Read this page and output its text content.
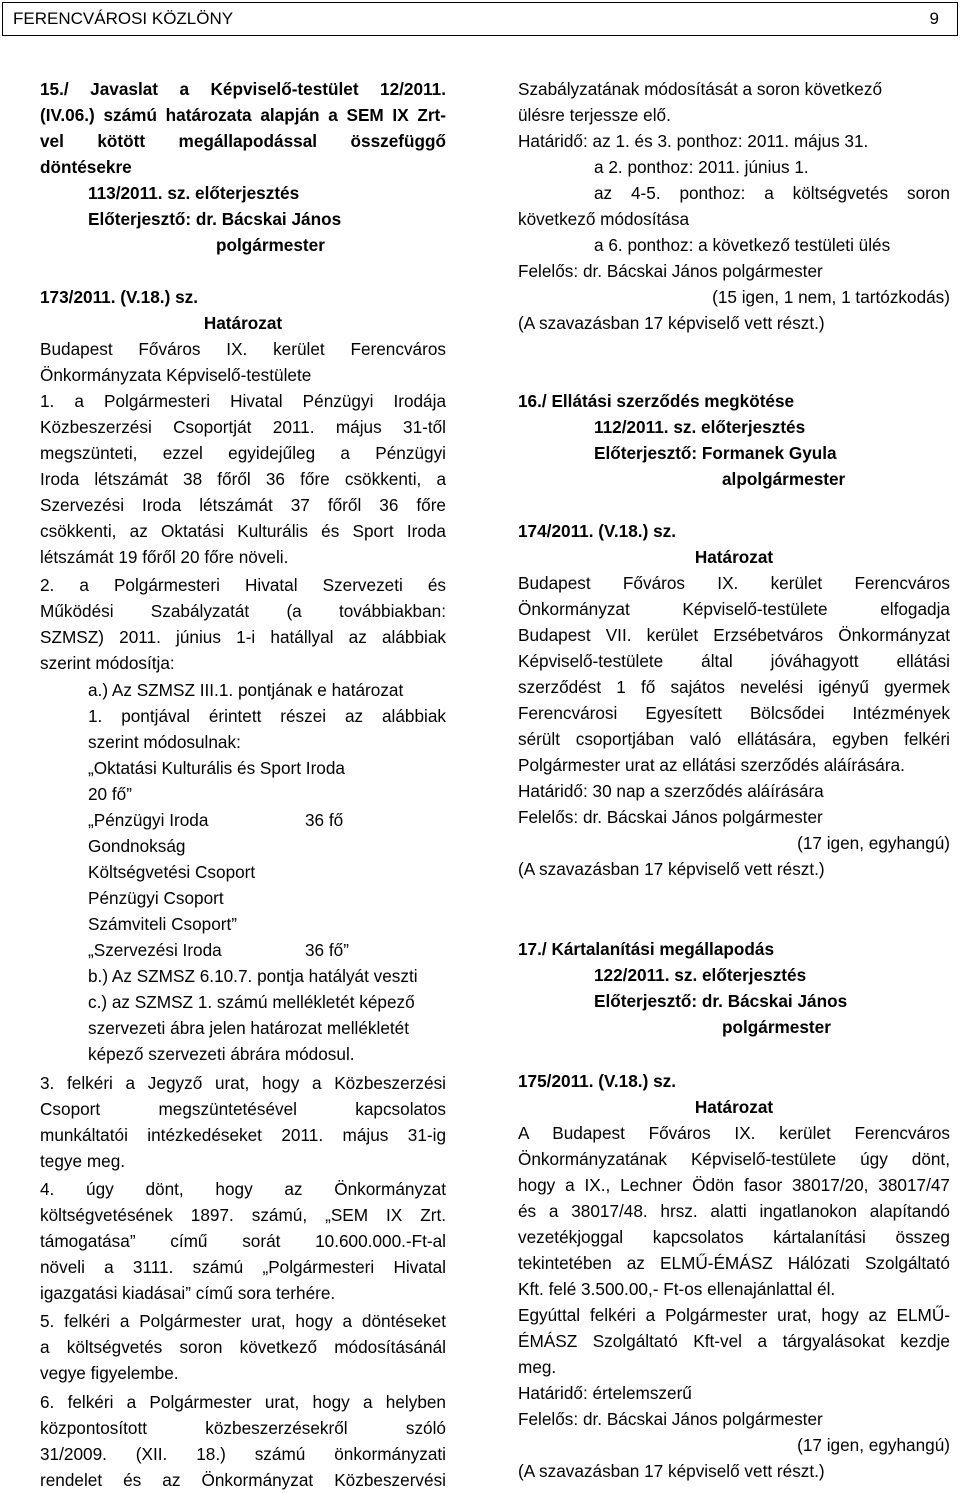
FERENCVÁROSI KÖZLÖNY	9
15./ Javaslat a Képviselő-testület 12/2011.
(IV.06.) számú határozata alapján a SEM IX Zrt-
vel kötött megállapodással összefüggő
döntésekre
113/2011. sz. előterjesztés
Előterjesztő: dr. Bácskai János
polgármester
173/2011. (V.18.) sz.
Határozat
Budapest Főváros IX. kerület Ferencváros
Önkormányzata Képviselő-testülete
1. a Polgármesteri Hivatal Pénzügyi Irodája
Közbeszerzési Csoportját 2011. május 31-től
megszünteti, ezzel egyidejűleg a Pénzügyi
Iroda létszámát 38 főről 36 főre csökkenti, a
Szervezési Iroda létszámát 37 főről 36 főre
csökkenti, az Oktatási Kulturális és Sport Iroda
létszámát 19 főről 20 főre növeli.
2. a Polgármesteri Hivatal Szervezeti és
Működési Szabályzatát (a továbbiakban:
SZMSZ) 2011. június 1-i hatállyal az alábbiak
szerint módosítja:
a.) Az SZMSZ III.1. pontjának e határozat
1. pontjával érintett részei az alábbiak
szerint módosulnak:
„Oktatási Kulturális és Sport Iroda
20 fő”
„Pénzügyi Iroda	36 fő
Gondnokság
Költségvetési Csoport
Pénzügyi Csoport
Számviteli Csoport”
„Szervezési Iroda	36 fő”
b.) Az SZMSZ 6.10.7. pontja hatályát veszti
c.) az SZMSZ 1. számú mellékletét képező
szervezeti ábra jelen határozat mellékletét
képező szervezeti ábrára módosul.
3. felkéri a Jegyző urat, hogy a Közbeszerzési
Csoport megszüntetésével kapcsolatos
munkáltatói intézkedéseket 2011. május 31-ig
tegye meg.
4. úgy dönt, hogy az Önkormányzat
költségvetésének 1897. számú, „SEM IX Zrt.
támogatása” című sorát 10.600.000.-Ft-al
növeli a 3111. számú „Polgármesteri Hivatal
igazgatási kiadásai” című sora terhére.
5. felkéri a Polgármester urat, hogy a döntéseket
a költségvetés soron következő módosításánál
vegye figyelembe.
6. felkéri a Polgármester urat, hogy a helyben
központosított közbeszerzésekről szóló
31/2009. (XII. 18.) számú önkormányzati
rendelet és az Önkormányzat Közbeszervési
Szabályzatának módosítását a soron következő
ülésre terjessze elő.
Határidő: az 1. és 3. ponthoz: 2011. május 31.
a 2. ponthoz: 2011. június 1.
az 4-5. ponthoz: a költségvetés soron
következő módosítása
a 6. ponthoz: a következő testületi ülés
Felelős: dr. Bácskai János polgármester
(15 igen, 1 nem, 1 tartózkodás)
(A szavazásban 17 képviselő vett részt.)
16./ Ellátási szerződés megkötése
112/2011. sz. előterjesztés
Előterjesztő: Formanek Gyula
alpolgármester
174/2011. (V.18.) sz.
Határozat
Budapest Főváros IX. kerület Ferencváros
Önkormányzat Képviselő-testülete elfogadja
Budapest VII. kerület Erzsébetváros Önkormányzat
Képviselő-testülete által jóváhagyott ellátási
szerződést 1 fő sajátos nevelési igényű gyermek
Ferencvárosi Egyesített Bölcsődei Intézmények
sérült csoportjában való ellátására, egyben felkéri
Polgármester urat az ellátási szerződés aláírására.
Határidő: 30 nap a szerződés aláírására
Felelős: dr. Bácskai János polgármester
(17 igen, egyhangú)
(A szavazásban 17 képviselő vett részt.)
17./ Kártalanítási megállapodás
122/2011. sz. előterjesztés
Előterjesztő: dr. Bácskai János
polgármester
175/2011. (V.18.) sz.
Határozat
A Budapest Főváros IX. kerület Ferencváros
Önkormányzatának Képviselő-testülete úgy dönt,
hogy a IX., Lechner Ödön fasor 38017/20, 38017/47
és a 38017/48. hrsz. alatti ingatlanokon alapítandó
vezetékjoggal kapcsolatos kártalanítási összeg
tekintetében az ELMŰ-ÉMÁSZ Hálózati Szolgáltató
Kft. felé 3.500.00,- Ft-os ellenajánlattal él.
Egyúttal felkéri a Polgármester urat, hogy az ELMŰ-
ÉMÁSZ Szolgáltató Kft-vel a tárgyalásokat kezdje
meg.
Határidő: értelemszerű
Felelős: dr. Bácskai János polgármester
(17 igen, egyhangú)
(A szavazásban 17 képviselő vett részt.)
